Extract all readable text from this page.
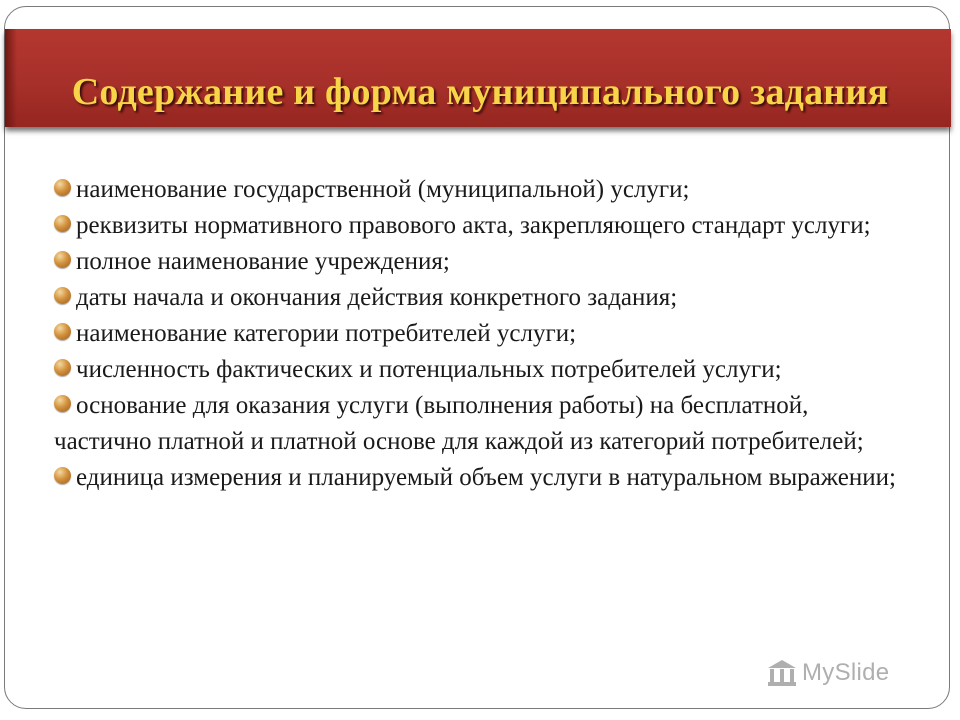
Содержание и форма муниципального задания
наименование государственной (муниципальной) услуги;
реквизиты нормативного правового акта, закрепляющего стандарт услуги;
полное наименование учреждения;
даты начала и окончания действия конкретного задания;
наименование категории потребителей услуги;
численность фактических и потенциальных потребителей услуги;
основание для оказания услуги (выполнения работы) на бесплатной, частично платной и платной основе для каждой из категорий потребителей;
единица измерения и планируемый объем услуги в натуральном выражении;
MySlide
